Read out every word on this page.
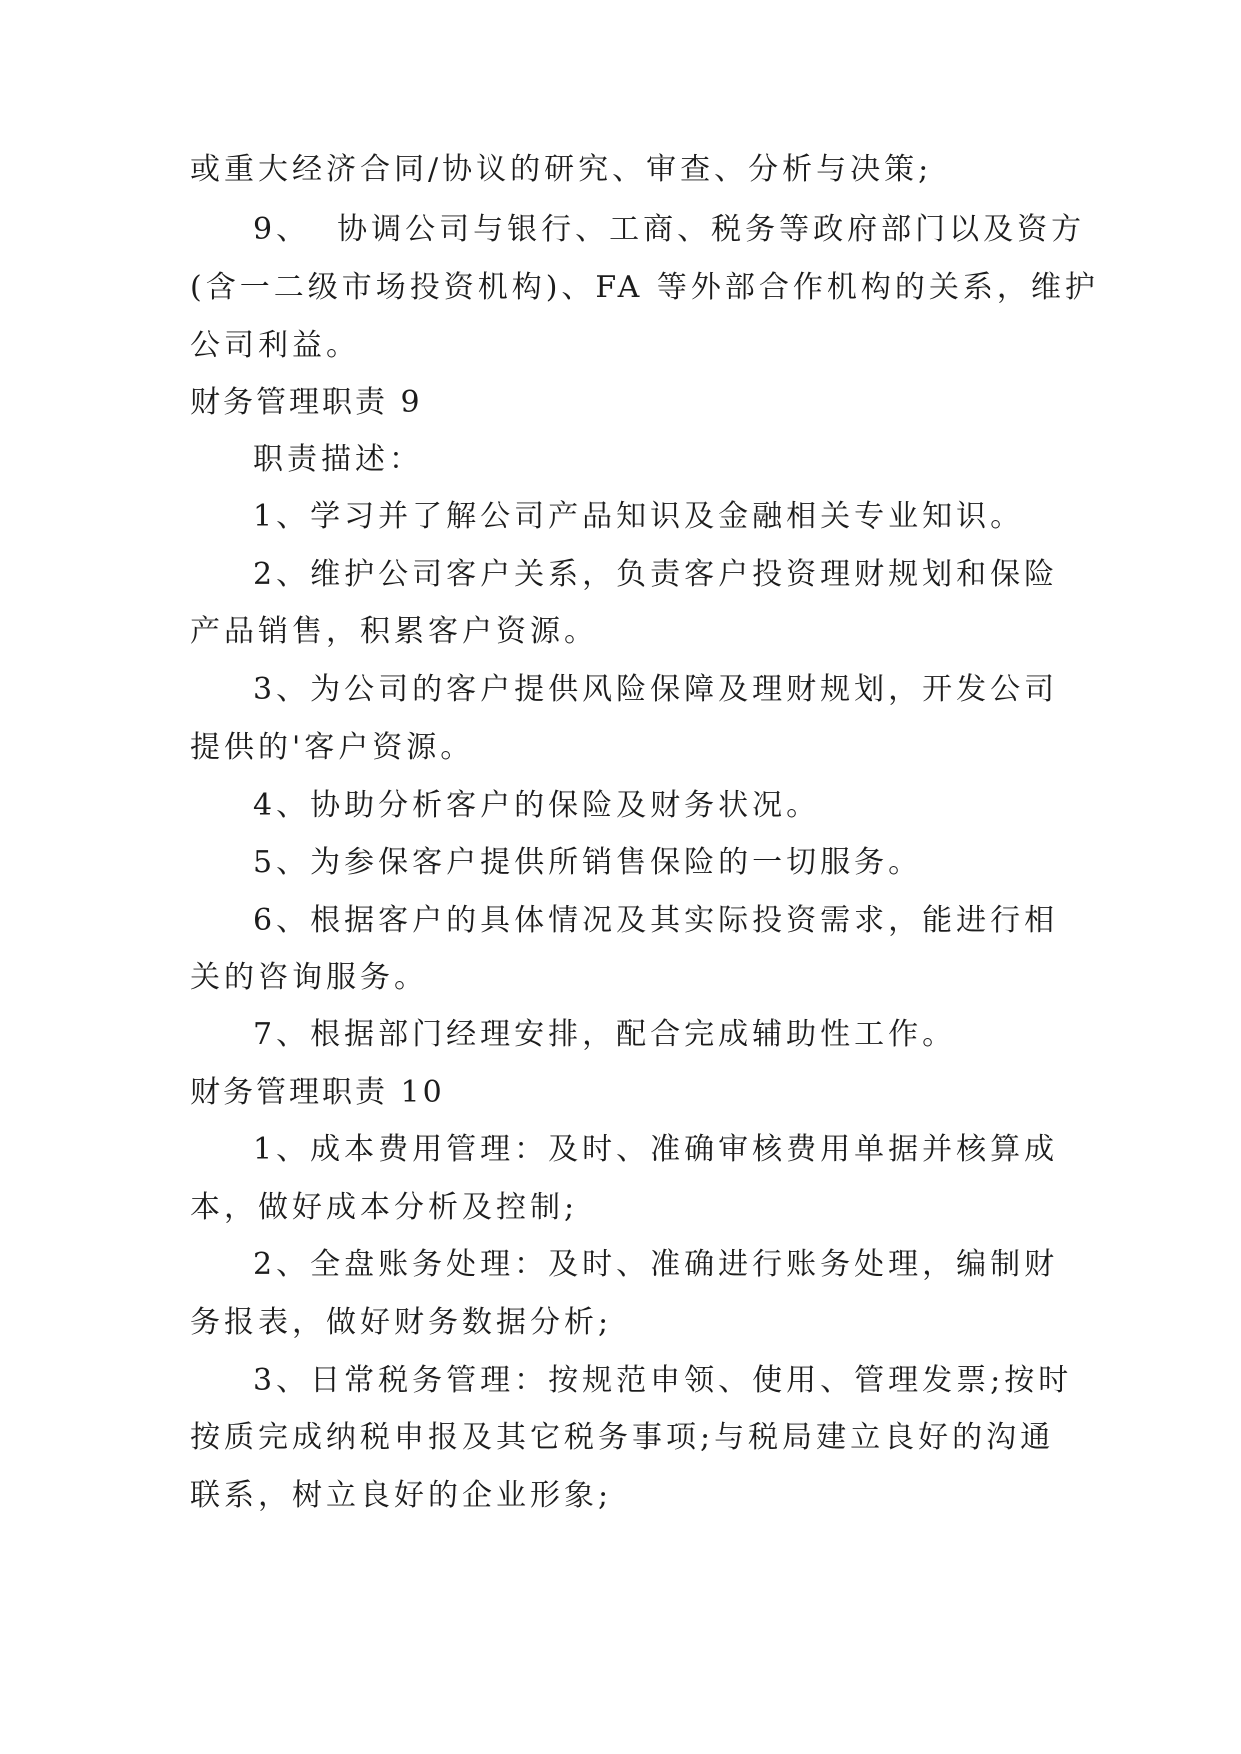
或重大经济合同/协议的研究、审查、分析与决策;
9、  协调公司与银行、工商、税务等政府部门以及资方
(含一二级市场投资机构)、FA 等外部合作机构的关系，维护
公司利益。
财务管理职责 9
职责描述：
1、学习并了解公司产品知识及金融相关专业知识。
2、维护公司客户关系，负责客户投资理财规划和保险
产品销售，积累客户资源。
3、为公司的客户提供风险保障及理财规划，开发公司
提供的'客户资源。
4、协助分析客户的保险及财务状况。
5、为参保客户提供所销售保险的一切服务。
6、根据客户的具体情况及其实际投资需求，能进行相
关的咨询服务。
7、根据部门经理安排，配合完成辅助性工作。
财务管理职责 10
1、成本费用管理：及时、准确审核费用单据并核算成
本，做好成本分析及控制;
2、全盘账务处理：及时、准确进行账务处理，编制财
务报表，做好财务数据分析;
3、日常税务管理：按规范申领、使用、管理发票;按时
按质完成纳税申报及其它税务事项;与税局建立良好的沟通
联系，树立良好的企业形象;
